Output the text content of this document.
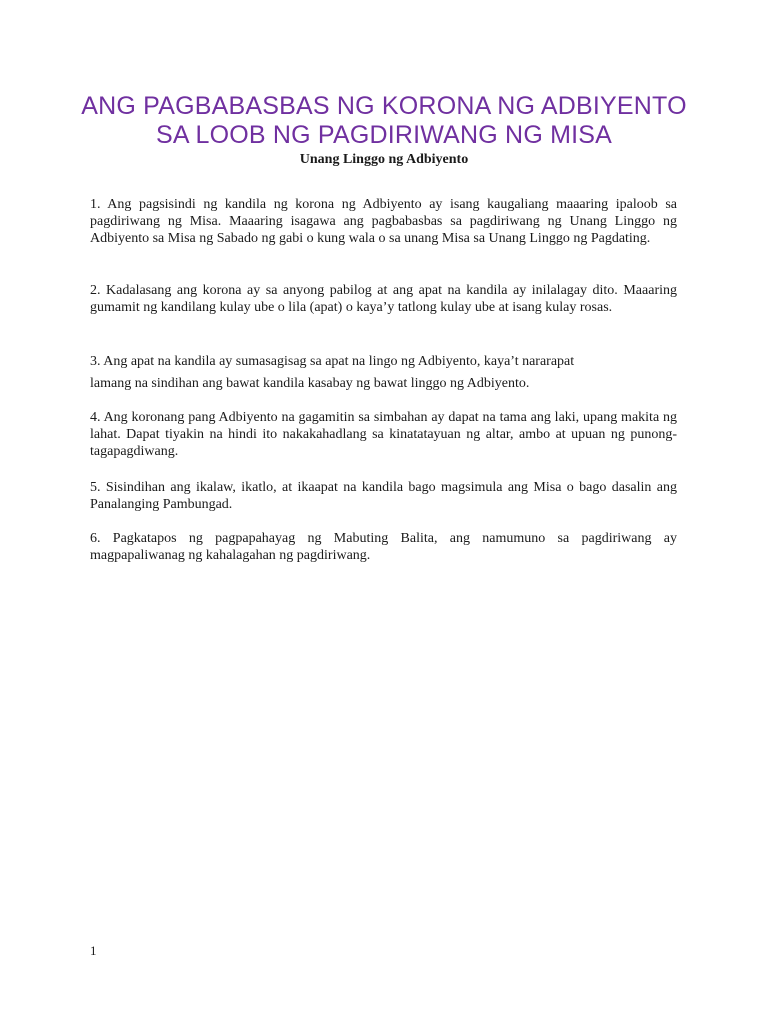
ANG PAGBABASBAS NG KORONA NG ADBIYENTO
SA LOOB NG PAGDIRIWANG NG MISA
Unang Linggo ng Adbiyento
1. Ang pagsisindi ng kandila ng korona ng Adbiyento ay isang kaugaliang maaaring ipaloob sa pagdiriwang ng Misa. Maaaring isagawa ang pagbabasbas sa pagdiriwang ng Unang Linggo ng Adbiyento sa Misa ng Sabado ng gabi o kung wala o sa unang Misa sa Unang Linggo ng Pagdating.
2. Kadalasang ang korona ay sa anyong pabilog at ang apat na kandila ay inilalagay dito. Maaaring gumamit ng kandilang kulay ube o lila (apat) o kaya’y tatlong kulay ube at isang kulay rosas.
3. Ang apat na kandila ay sumasagisag sa apat na lingo ng Adbiyento, kaya’t nararapat
lamang na sindihan ang bawat kandila kasabay ng bawat linggo ng Adbiyento.
4. Ang koronang pang Adbiyento na gagamitin sa simbahan ay dapat na tama ang laki, upang makita ng lahat. Dapat tiyakin na hindi ito nakakahadlang sa kinatatayuan ng altar, ambo at upuan ng punong-tagapagdiwang.
5. Sisindihan ang ikalaw, ikatlo, at ikaapat na kandila bago magsimula ang Misa o bago dasalin ang Panalanging Pambungad.
6. Pagkatapos ng pagpapahayag ng Mabuting Balita, ang namumuno sa pagdiriwang ay magpapaliwanag ng kahalagahan ng pagdiriwang.
1
